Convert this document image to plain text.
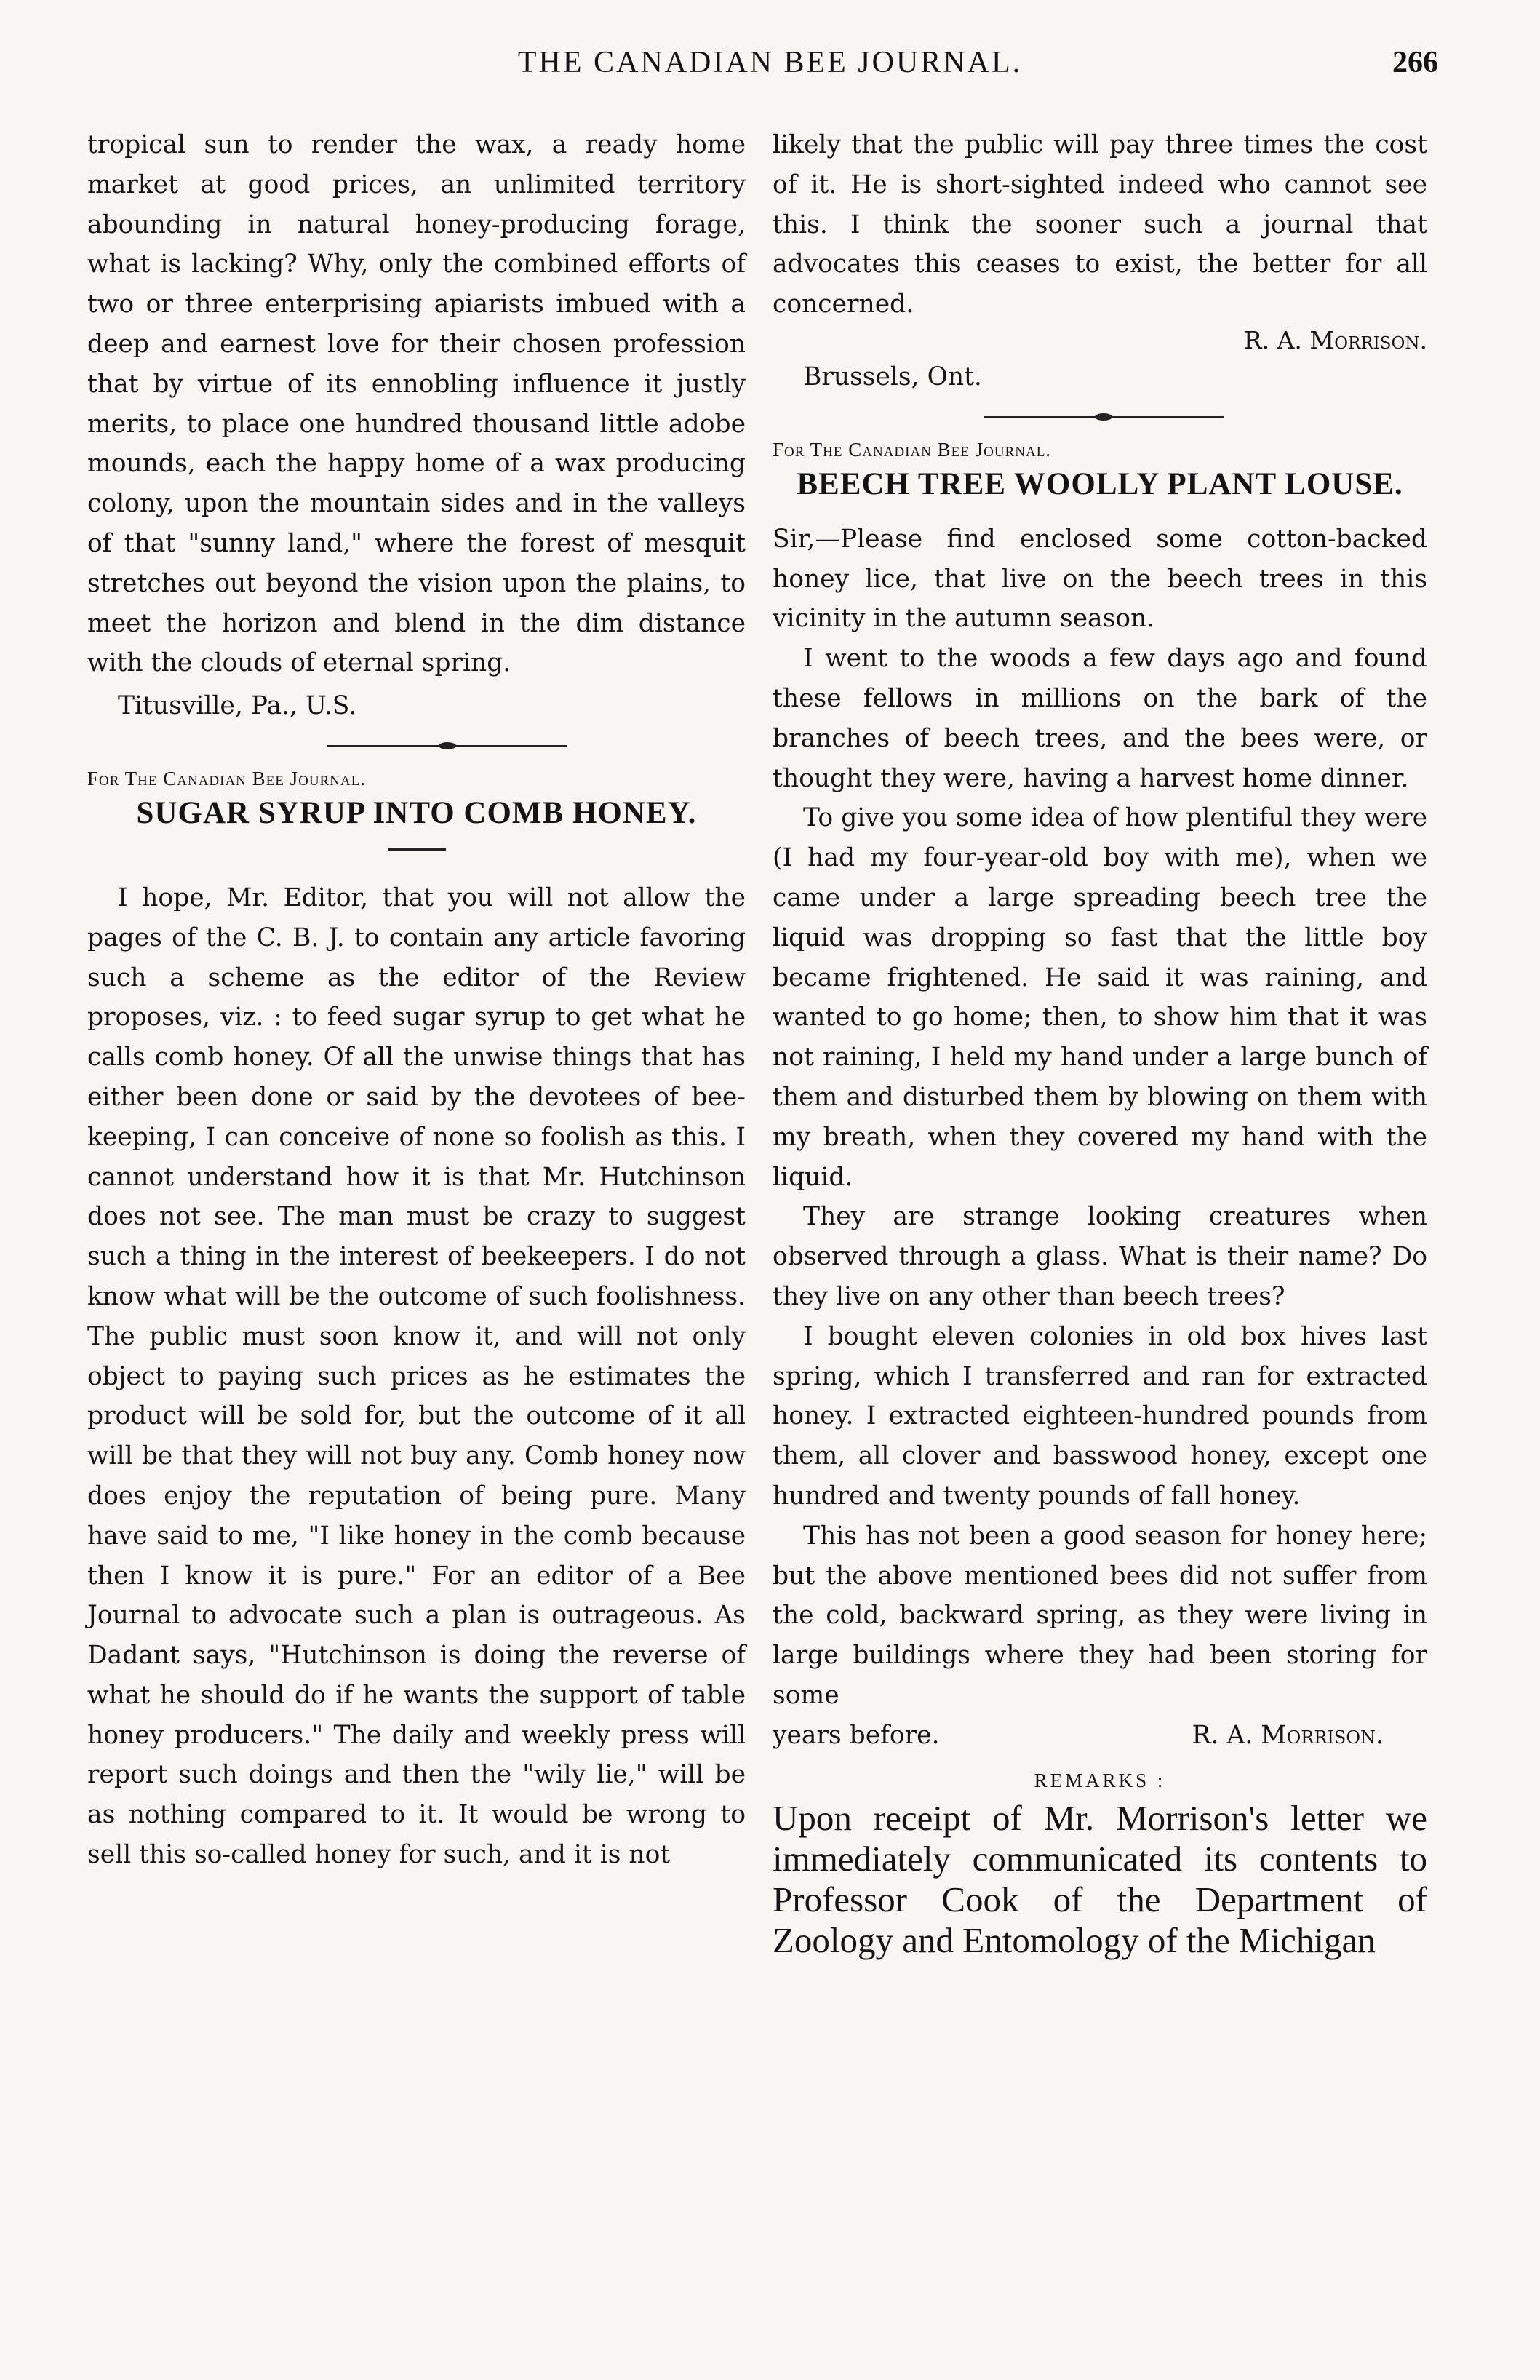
THE CANADIAN BEE JOURNAL.	266

tropical sun to render the wax, a ready home market at good prices, an unlimited territory abounding in natural honey-producing forage, what is lacking? Why, only the combined efforts of two or three enterprising apiarists imbued with a deep and earnest love for their chosen profession that by virtue of its ennobling influence it justly merits, to place one hundred thousand little adobe mounds, each the happy home of a wax producing colony, upon the mountain sides and in the valleys of that "sunny land," where the forest of mesquit stretches out beyond the vision upon the plains, to meet the horizon and blend in the dim distance with the clouds of eternal spring.

Titusville, Pa., U.S.

For The Canadian Bee Journal.
SUGAR SYRUP INTO COMB HONEY.

I hope, Mr. Editor, that you will not allow the pages of the C. B. J. to contain any article favoring such a scheme as the editor of the Review proposes, viz. : to feed sugar syrup to get what he calls comb honey. Of all the unwise things that has either been done or said by the devotees of bee-keeping, I can conceive of none so foolish as this. I cannot understand how it is that Mr. Hutchinson does not see. The man must be crazy to suggest such a thing in the interest of beekeepers. I do not know what will be the outcome of such foolishness. The public must soon know it, and will not only object to paying such prices as he estimates the product will be sold for, but the outcome of it all will be that they will not buy any. Comb honey now does enjoy the reputation of being pure. Many have said to me, "I like honey in the comb because then I know it is pure." For an editor of a Bee Journal to advocate such a plan is outrageous. As Dadant says, "Hutchinson is doing the reverse of what he should do if he wants the support of table honey producers." The daily and weekly press will report such doings and then the "wily lie," will be as nothing compared to it. It would be wrong to sell this so-called honey for such, and it is not

likely that the public will pay three times the cost of it. He is short-sighted indeed who cannot see this. I think the sooner such a journal that advocates this ceases to exist, the better for all concerned.

R. A. Morrison.

Brussels, Ont.

For The Canadian Bee Journal.
BEECH TREE WOOLLY PLANT LOUSE.

Sir,—Please find enclosed some cotton-backed honey lice, that live on the beech trees in this vicinity in the autumn season.

I went to the woods a few days ago and found these fellows in millions on the bark of the branches of beech trees, and the bees were, or thought they were, having a harvest home dinner.

To give you some idea of how plentiful they were (I had my four-year-old boy with me), when we came under a large spreading beech tree the liquid was dropping so fast that the little boy became frightened. He said it was raining, and wanted to go home; then, to show him that it was not raining, I held my hand under a large bunch of them and disturbed them by blowing on them with my breath, when they covered my hand with the liquid.

They are strange looking creatures when observed through a glass. What is their name? Do they live on any other than beech trees?

I bought eleven colonies in old box hives last spring, which I transferred and ran for extracted honey. I extracted eighteen-hundred pounds from them, all clover and basswood honey, except one hundred and twenty pounds of fall honey.

This has not been a good season for honey here; but the above mentioned bees did not suffer from the cold, backward spring, as they were living in large buildings where they had been storing for some

years before.	R. A. Morrison.

REMARKS :

Upon receipt of Mr. Morrison's letter we immediately communicated its contents to Professor Cook of the Department of Zoology and Entomology of the Michigan
